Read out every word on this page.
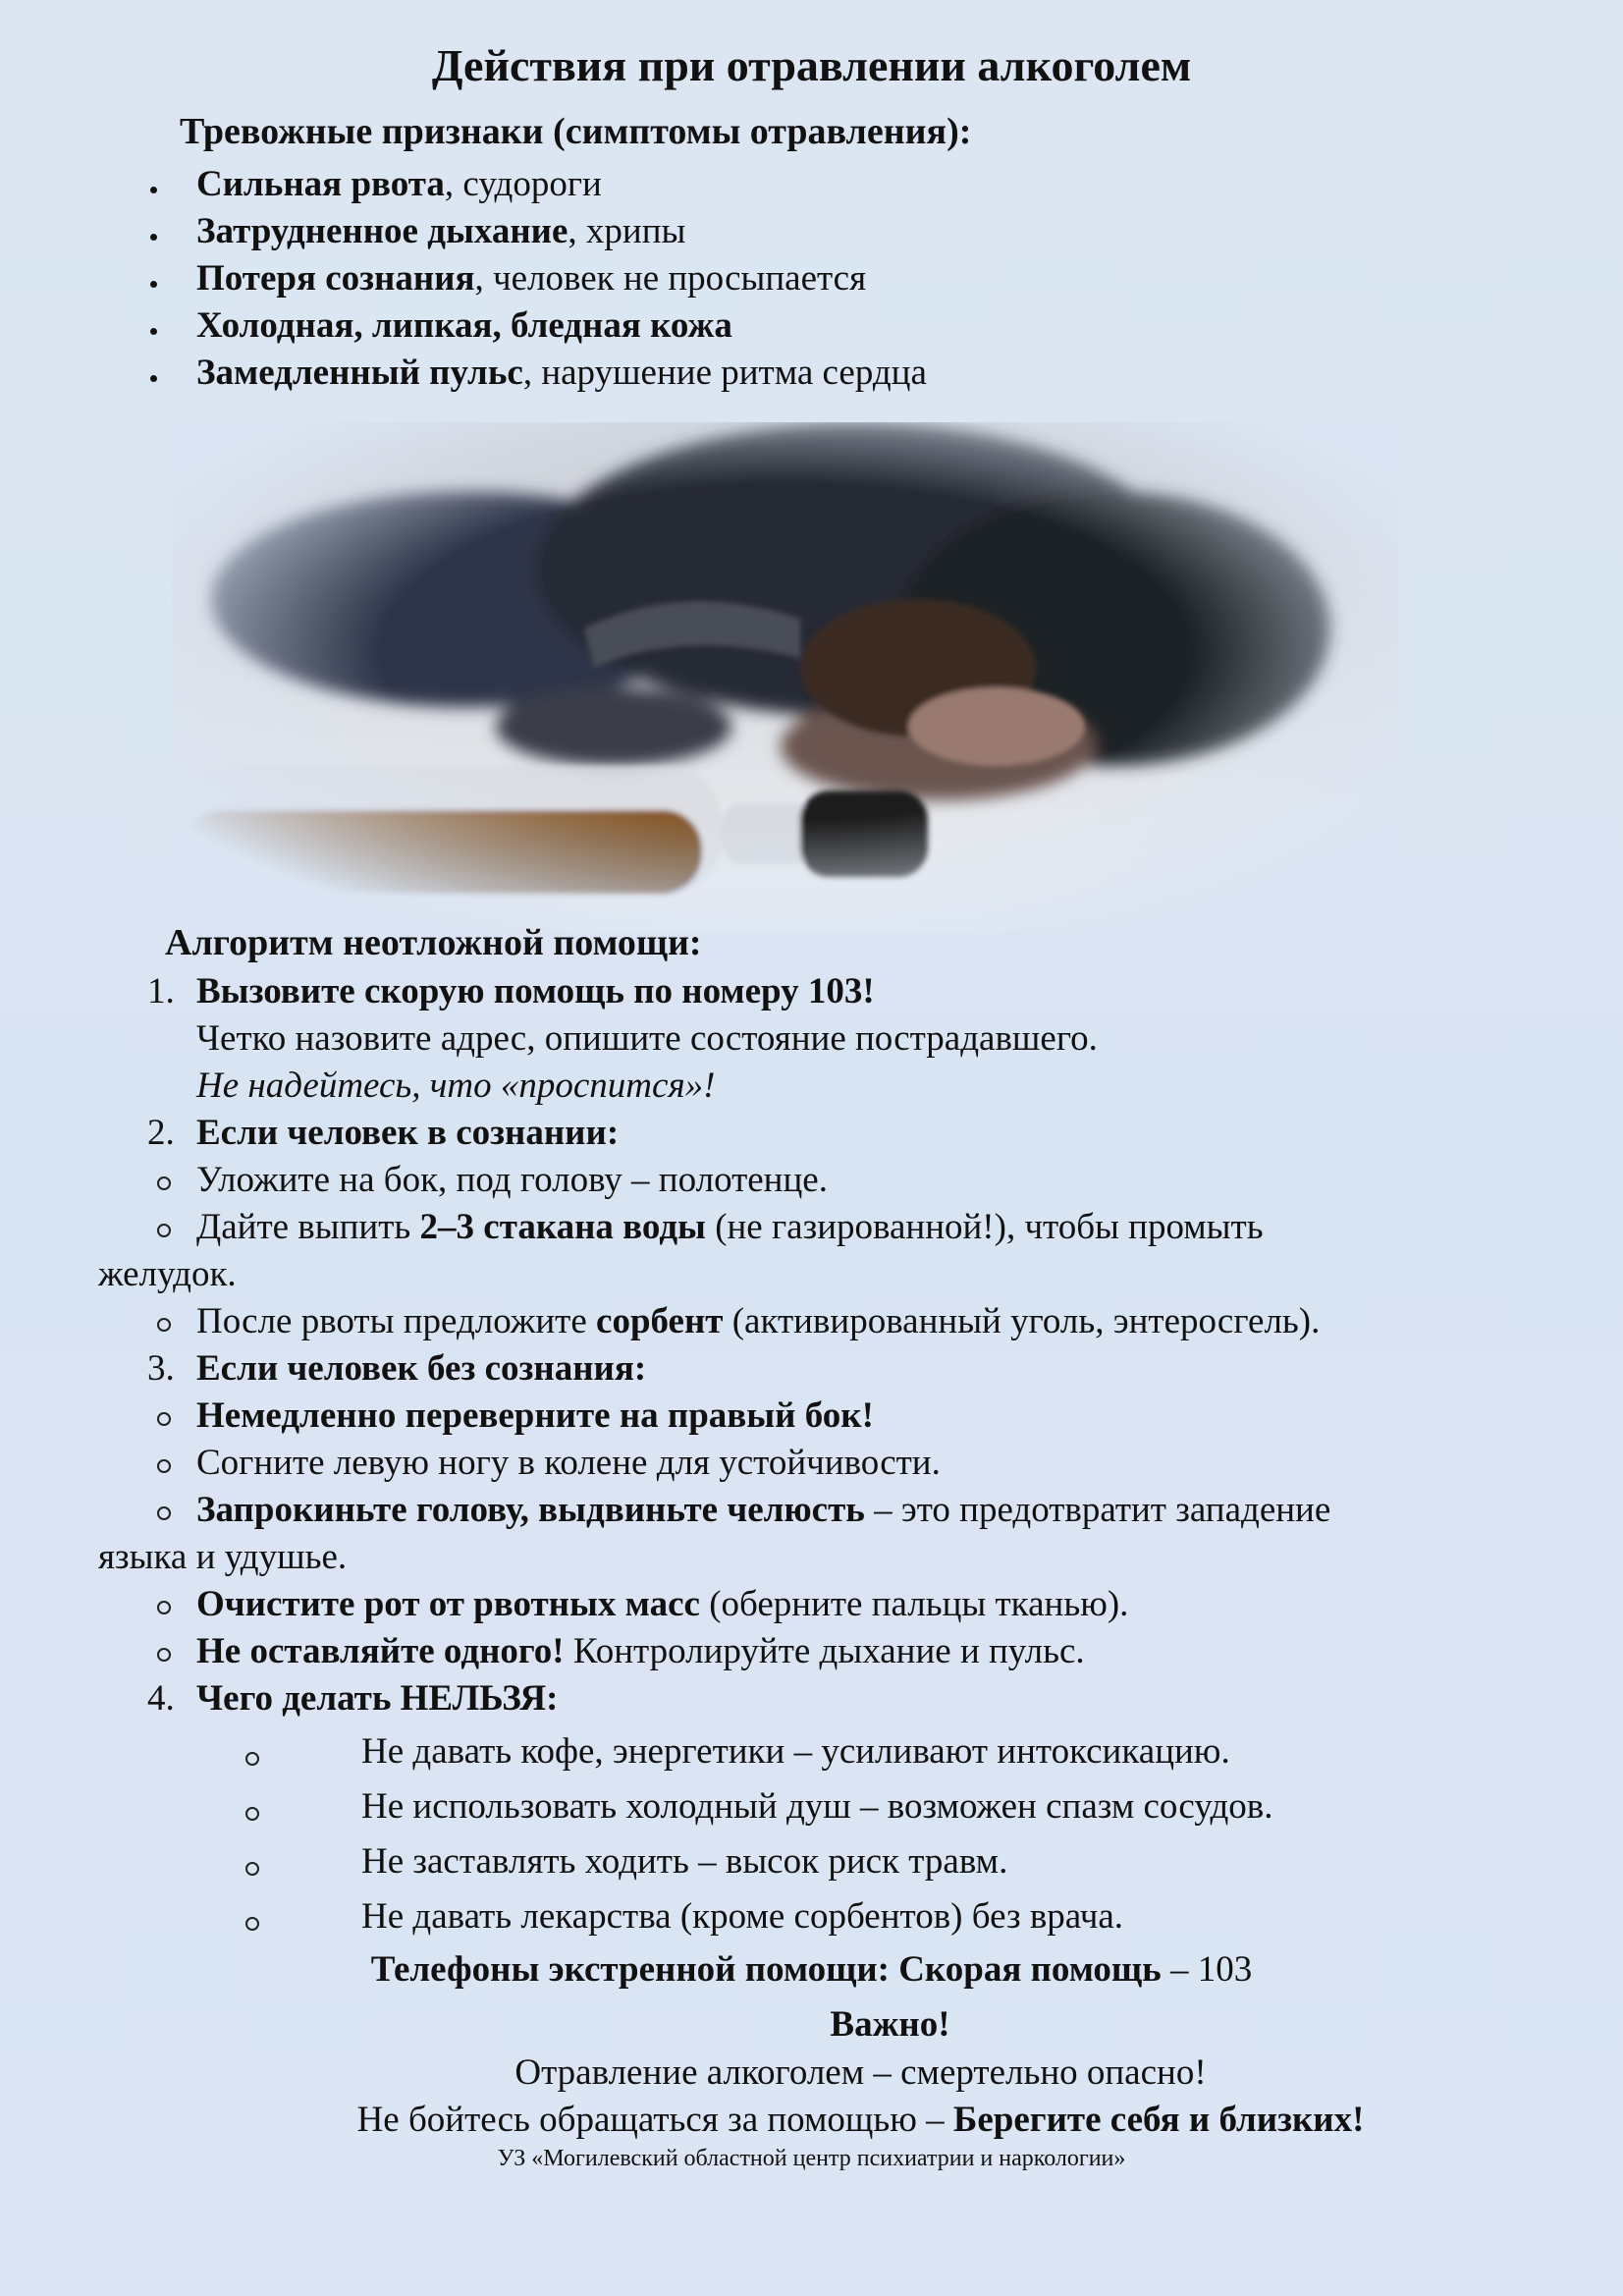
Действия при отравлении алкоголем
Тревожные признаки (симптомы отравления):
Сильная рвота, судороги
Затрудненное дыхание, хрипы
Потеря сознания, человек не просыпается
Холодная, липкая, бледная кожа
Замедленный пульс, нарушение ритма сердца
Алгоритм неотложной помощи:
1. Вызовите скорую помощь по номеру 103!
Четко назовите адрес, опишите состояние пострадавшего.
Не надейтесь, что «проспится»!
2. Если человек в сознании:
Уложите на бок, под голову – полотенце.
Дайте выпить 2–3 стакана воды (не газированной!), чтобы промыть
желудок.
После рвоты предложите сорбент (активированный уголь, энтеросгель).
3. Если человек без сознания:
Немедленно переверните на правый бок!
Согните левую ногу в колене для устойчивости.
Запрокиньте голову, выдвиньте челюсть – это предотвратит западение
языка и удушье.
Очистите рот от рвотных масс (оберните пальцы тканью).
Не оставляйте одного! Контролируйте дыхание и пульс.
4. Чего делать НЕЛЬЗЯ:
Не давать кофе, энергетики – усиливают интоксикацию.
Не использовать холодный душ – возможен спазм сосудов.
Не заставлять ходить – высок риск травм.
Не давать лекарства (кроме сорбентов) без врача.
Телефоны экстренной помощи: Скорая помощь – 103
Важно!
Отравление алкоголем – смертельно опасно!
Не бойтесь обращаться за помощью – Берегите себя и близких!
УЗ «Могилевский областной центр психиатрии и наркологии»
